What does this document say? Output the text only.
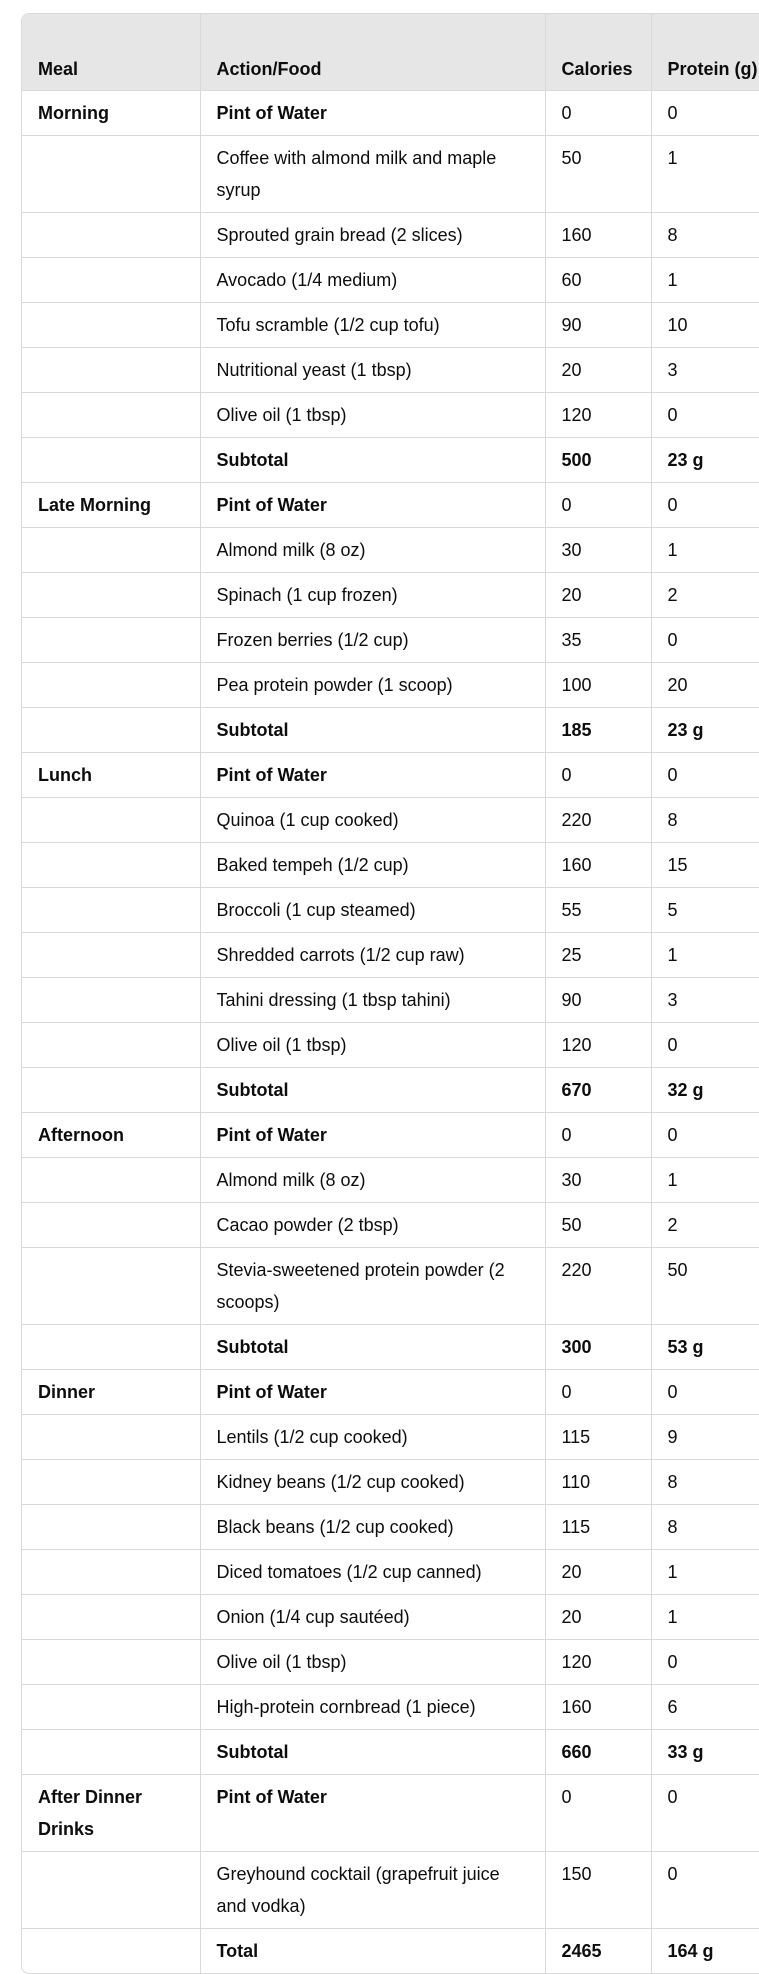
Meal	Action/Food	Calories	Protein (g)
Morning	Pint of Water	0	0
	Coffee with almond milk and maple syrup	50	1
	Sprouted grain bread (2 slices)	160	8
	Avocado (1/4 medium)	60	1
	Tofu scramble (1/2 cup tofu)	90	10
	Nutritional yeast (1 tbsp)	20	3
	Olive oil (1 tbsp)	120	0
	Subtotal	500	23 g
Late Morning	Pint of Water	0	0
	Almond milk (8 oz)	30	1
	Spinach (1 cup frozen)	20	2
	Frozen berries (1/2 cup)	35	0
	Pea protein powder (1 scoop)	100	20
	Subtotal	185	23 g
Lunch	Pint of Water	0	0
	Quinoa (1 cup cooked)	220	8
	Baked tempeh (1/2 cup)	160	15
	Broccoli (1 cup steamed)	55	5
	Shredded carrots (1/2 cup raw)	25	1
	Tahini dressing (1 tbsp tahini)	90	3
	Olive oil (1 tbsp)	120	0
	Subtotal	670	32 g
Afternoon	Pint of Water	0	0
	Almond milk (8 oz)	30	1
	Cacao powder (2 tbsp)	50	2
	Stevia-sweetened protein powder (2 scoops)	220	50
	Subtotal	300	53 g
Dinner	Pint of Water	0	0
	Lentils (1/2 cup cooked)	115	9
	Kidney beans (1/2 cup cooked)	110	8
	Black beans (1/2 cup cooked)	115	8
	Diced tomatoes (1/2 cup canned)	20	1
	Onion (1/4 cup sautéed)	20	1
	Olive oil (1 tbsp)	120	0
	High-protein cornbread (1 piece)	160	6
	Subtotal	660	33 g
After Dinner Drinks	Pint of Water	0	0
	Greyhound cocktail (grapefruit juice and vodka)	150	0
	Total	2465	164 g
